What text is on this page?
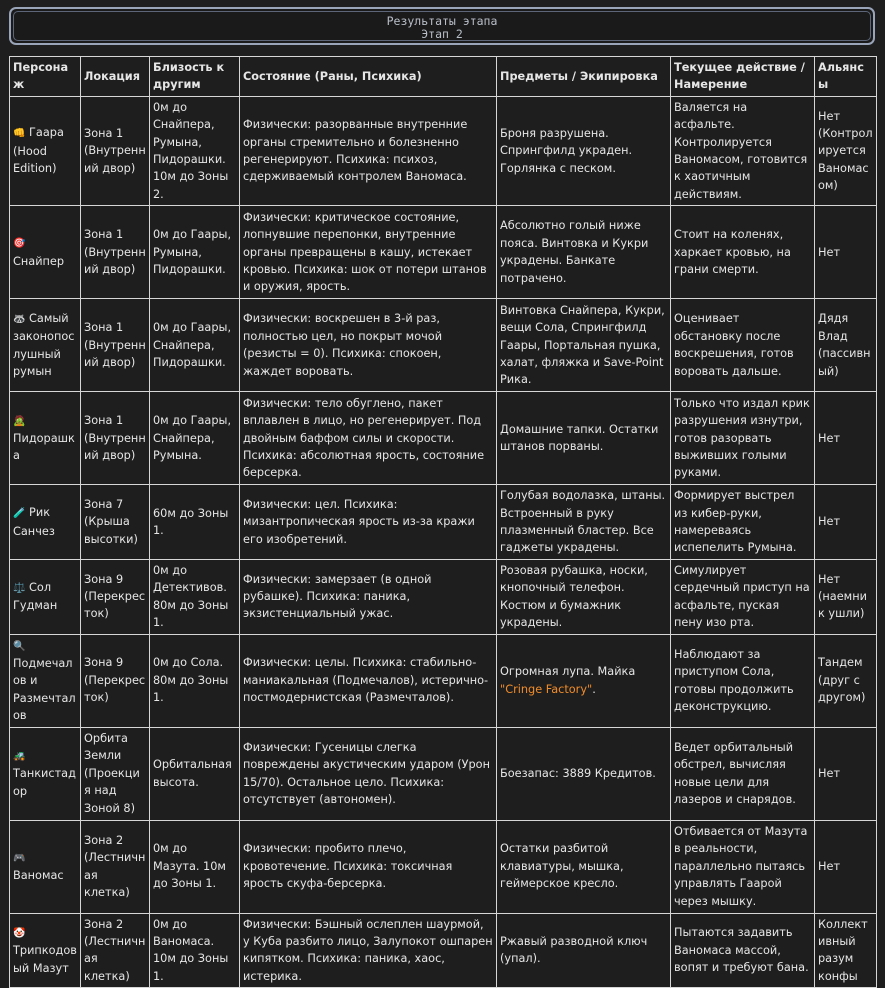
Результаты этапа
Этап 2
Персонаж	Локация	Близость к другим	Состояние (Раны, Психика)	Предметы / Экипировка	Текущее действие / Намерение	Альянсы
👊 Гаара (Hood Edition)	Зона 1 (Внутренний двор)	0м до Снайпера, Румына, Пидорашки. 10м до Зоны 2.	Физически: разорванные внутренние органы стремительно и болезненно регенерируют. Психика: психоз, сдерживаемый контролем Ваномаса.	Броня разрушена. Спрингфилд украден. Горлянка с песком.	Валяется на асфальте. Контролируется Ваномасом, готовится к хаотичным действиям.	Нет (Контролируется Ваномасом)
🎯 Снайпер	Зона 1 (Внутренний двор)	0м до Гаары, Румына, Пидорашки.	Физически: критическое состояние, лопнувшие перепонки, внутренние органы превращены в кашу, истекает кровью. Психика: шок от потери штанов и оружия, ярость.	Абсолютно голый ниже пояса. Винтовка и Кукри украдены. Банкате потрачено.	Стоит на коленях, харкает кровью, на грани смерти.	Нет
🦝 Самый законопослушный румын	Зона 1 (Внутренний двор)	0м до Гаары, Снайпера, Пидорашки.	Физически: воскрешен в 3-й раз, полностью цел, но покрыт мочой (резисты = 0). Психика: спокоен, жаждет воровать.	Винтовка Снайпера, Кукри, вещи Сола, Спрингфилд Гаары, Портальная пушка, халат, фляжка и Save-Point Рика.	Оценивает обстановку после воскрешения, готов воровать дальше.	Дядя Влад (пассивный)
🧟 Пидорашка	Зона 1 (Внутренний двор)	0м до Гаары, Снайпера, Румына.	Физически: тело обуглено, пакет вплавлен в лицо, но регенерирует. Под двойным баффом силы и скорости. Психика: абсолютная ярость, состояние берсерка.	Домашние тапки. Остатки штанов порваны.	Только что издал крик разрушения изнутри, готов разорвать выживших голыми руками.	Нет
🧪 Рик Санчез	Зона 7 (Крыша высотки)	60м до Зоны 1.	Физически: цел. Психика: мизантропическая ярость из-за кражи его изобретений.	Голубая водолазка, штаны. Встроенный в руку плазменный бластер. Все гаджеты украдены.	Формирует выстрел из кибер-руки, намереваясь испепелить Румына.	Нет
⚖️ Сол Гудман	Зона 9 (Перекресток)	0м до Детективов. 80м до Зоны 1.	Физически: замерзает (в одной рубашке). Психика: паника, экзистенциальный ужас.	Розовая рубашка, носки, кнопочный телефон. Костюм и бумажник украдены.	Симулирует сердечный приступ на асфальте, пуская пену изо рта.	Нет (наемник ушли)
🔍 Подмечалов и Размечталов	Зона 9 (Перекресток)	0м до Сола. 80м до Зоны 1.	Физически: целы. Психика: стабильно-маниакальная (Подмечалов), истерично-постмодернистская (Размечталов).	Огромная лупа. Майка "Cringe Factory".	Наблюдают за приступом Сола, готовы продолжить деконструкцию.	Тандем (друг с другом)
🚜 Танкистадор	Орбита Земли (Проекция над Зоной 8)	Орбитальная высота.	Физически: Гусеницы слегка повреждены акустическим ударом (Урон 15/70). Остальное цело. Психика: отсутствует (автономен).	Боезапас: 3889 Кредитов.	Ведет орбитальный обстрел, вычисляя новые цели для лазеров и снарядов.	Нет
🎮 Ваномас	Зона 2 (Лестничная клетка)	0м до Мазута. 10м до Зоны 1.	Физически: пробито плечо, кровотечение. Психика: токсичная ярость скуфа-берсерка.	Остатки разбитой клавиатуры, мышка, геймерское кресло.	Отбивается от Мазута в реальности, параллельно пытаясь управлять Гаарой через мышку.	Нет
🤡 Трипкодовый Мазут	Зона 2 (Лестничная клетка)	0м до Ваномаса. 10м до Зоны 1.	Физически: Бэшный ослеплен шаурмой, у Куба разбито лицо, Залупокот ошпарен кипятком. Психика: паника, хаос, истерика.	Ржавый разводной ключ (упал).	Пытаются задавить Ваномаса массой, вопят и требуют бана.	Коллективный разум конфы
